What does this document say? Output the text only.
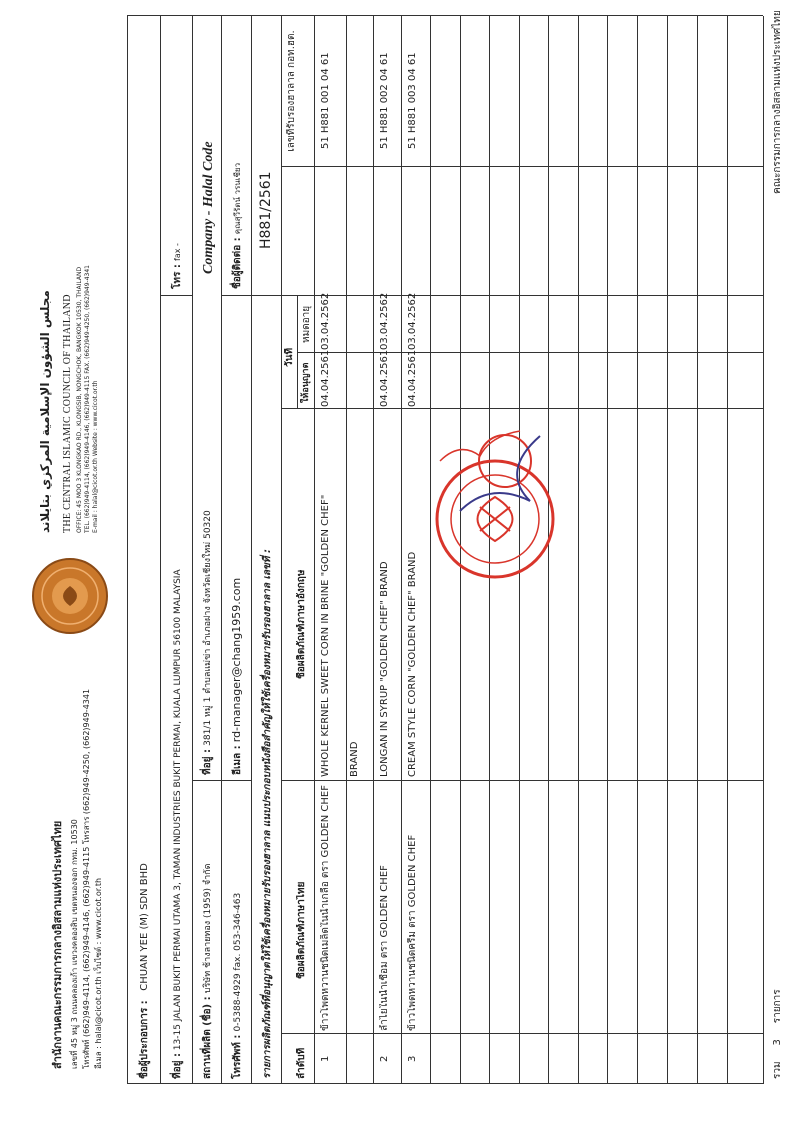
สำนักงานคณะกรรมการกลางอิสลามแห่งประเทศไทย เลขที่ 45 หมู่ 3 ถนนคลองเก้า แขวงคลองสิบ เขตหนองจอก กทม. 10530 โทรศัพท์ (662)949-4114, (662)949-4146, (662)949-4115 โทรสาร (662)949-4250, (662)949-4341 อีเมล : halal@cicot.or.th เว็บไซต์ : www.cicot.or.th
مجلس الشؤون الإسلامية المركزي بتايلاند THE CENTRAL ISLAMIC COUNCIL OF THAILAND OFFICE: 45 MOO 3 KLONGKAO RD., KLONGSIB, NONGCHOK, BANGKOK 10530, THAILAND TEL. (662)949-4114, (662)949-4146, (662)949-4115 FAX. (662)949-4250, (662)949-4341 E-mail : halal@cicot.or.th Website : www.cicot.or.th
ชื่อผู้ประกอบการ :   CHUAN YEE (M) SDN BHD
ที่อยู่ : 13-15 JALAN BUKIT PERMAI UTAMA 3, TAMAN INDUSTRIES BUKIT PERMAI, KUALA LUMPUR 56100 MALAYSIA
โทร : fax -
สถานที่ผลิต (ชื่อ) : บริษัท ช้างลายทอง (1959) จำกัด
ที่อยู่ : 381/1 หมู่ 1 ตำบลแม่ข่า อำเภอฝาง จังหวัดเชียงใหม่ 50320
โทรศัพท์ : 0-5388-4929 fax. 053-346-463
อีเมล : rd-manager@chang1959.com
ชื่อผู้ติดต่อ : คุณสุวีรัตน์ วรนเชียว
รายการผลิตภัณฑ์ที่อนุญาตให้ใช้เครื่องหมายรับรองฮาลาล แนบประกอบหนังสือสำคัญให้ใช้เครื่องหมายรับรองฮาลาล เลขที่ :
Company - Halal Code	H881/2561
ลำดับที่
ชื่อผลิตภัณฑ์ภาษาไทย
ชื่อผลิตภัณฑ์ภาษาอังกฤษ
วันที่
ให้อนุญาต
หมดอายุ
เลขที่รับรองฮาลาล กอท.ฮต.
1
ข้าวโพดหวานชนิดเมล็ดในน้ำเกลือ ตรา GOLDEN CHEF
WHOLE KERNEL SWEET CORN IN BRINE "GOLDEN CHEF" BRAND
04.04.2561
03.04.2562
51 H881 001 04 61
2
ลำไยในน้ำเชื่อม ตรา GOLDEN CHEF
LONGAN IN SYRUP "GOLDEN CHEF" BRAND
04.04.2561
03.04.2562
51 H881 002 04 61
3
ข้าวโพดหวานชนิดครีม ตรา GOLDEN CHEF
CREAM STYLE CORN "GOLDEN CHEF" BRAND
04.04.2561
03.04.2562
51 H881 003 04 61
รวม     3     รายการ
คณะกรรมการกลางอิสลามแห่งประเทศไทย
